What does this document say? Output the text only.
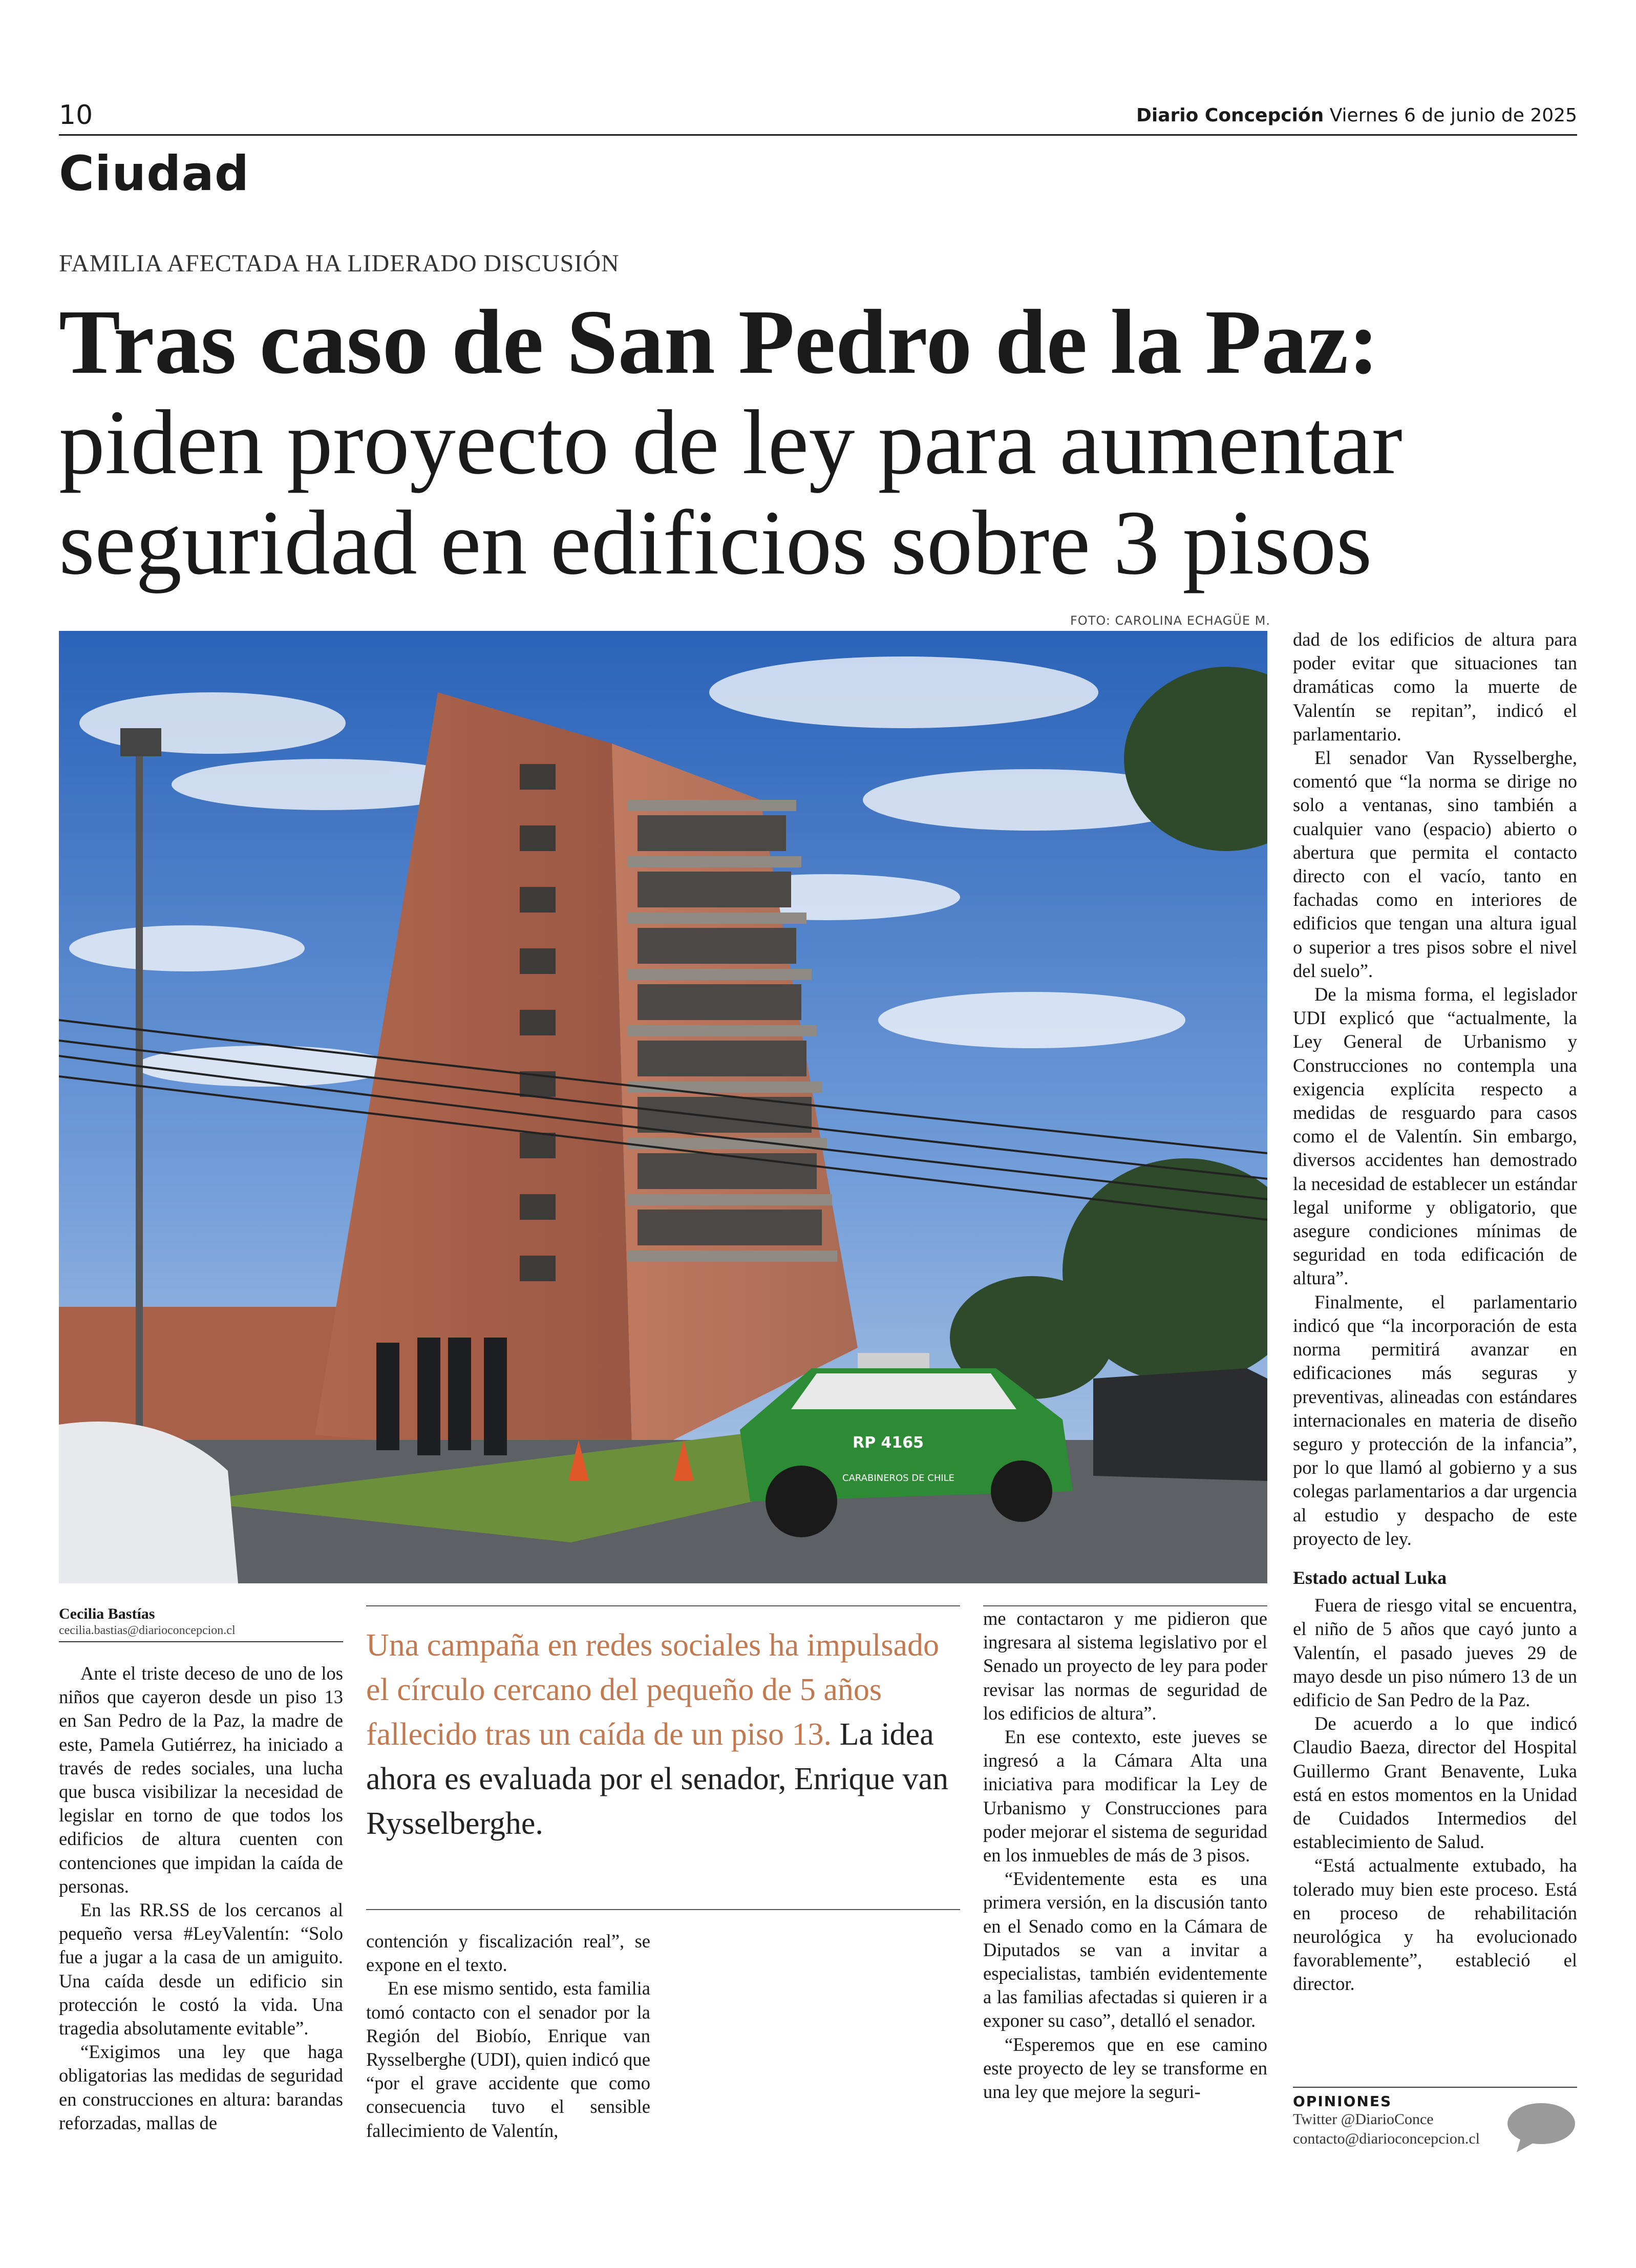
10	Diario Concepción Viernes 6 de junio de 2025
Ciudad
FAMILIA AFECTADA HA LIDERADO DISCUSIÓN
Tras caso de San Pedro de la Paz:
piden proyecto de ley para aumentar seguridad en edificios sobre 3 pisos
FOTO: CAROLINA ECHAGÜE M.
RP 4165
CARABINEROS DE CHILE
Cecilia Bastías
cecilia.bastias@diarioconcepcion.cl

Ante el triste deceso de uno de los niños que cayeron desde un piso 13 en San Pedro de la Paz, la madre de este, Pamela Gutiérrez, ha iniciado a través de redes sociales, una lucha que busca visibilizar la necesidad de legislar en torno de que todos los edificios de altura cuenten con contenciones que impidan la caída de personas.

En las RR.SS de los cercanos al pequeño versa #LeyValentín: “Solo fue a jugar a la casa de un amiguito. Una caída desde un edificio sin protección le costó la vida. Una tragedia absolutamente evitable”.

“Exigimos una ley que haga obligatorias las medidas de seguridad en construcciones en altura: barandas reforzadas, mallas de

Una campaña en redes sociales ha impulsado el círculo cercano del pequeño de 5 años fallecido tras un caída de un piso 13. La idea ahora es evaluada por el senador, Enrique van Rysselberghe.

contención y fiscalización real”, se expone en el texto.

En ese mismo sentido, esta familia tomó contacto con el senador por la Región del Biobío, Enrique van Rysselberghe (UDI), quien indicó que “por el grave accidente que como consecuencia tuvo el sensible fallecimiento de Valentín,

me contactaron y me pidieron que ingresara al sistema legislativo por el Senado un proyecto de ley para poder revisar las normas de seguridad de los edificios de altura”.

En ese contexto, este jueves se ingresó a la Cámara Alta una iniciativa para modificar la Ley de Urbanismo y Construcciones para poder mejorar el sistema de seguridad en los inmuebles de más de 3 pisos.

“Evidentemente esta es una primera versión, en la discusión tanto en el Senado como en la Cámara de Diputados se van a invitar a especialistas, también evidentemente a las familias afectadas si quieren ir a exponer su caso”, detalló el senador.

“Esperemos que en ese camino este proyecto de ley se transforme en una ley que mejore la seguri-

dad de los edificios de altura para poder evitar que situaciones tan dramáticas como la muerte de Valentín se repitan”, indicó el parlamentario.

El senador Van Rysselberghe, comentó que “la norma se dirige no solo a ventanas, sino también a cualquier vano (espacio) abierto o abertura que permita el contacto directo con el vacío, tanto en fachadas como en interiores de edificios que tengan una altura igual o superior a tres pisos sobre el nivel del suelo”.

De la misma forma, el legislador UDI explicó que “actualmente, la Ley General de Urbanismo y Construcciones no contempla una exigencia explícita respecto a medidas de resguardo para casos como el de Valentín. Sin embargo, diversos accidentes han demostrado la necesidad de establecer un estándar legal uniforme y obligatorio, que asegure condiciones mínimas de seguridad en toda edificación de altura”.

Finalmente, el parlamentario indicó que “la incorporación de esta norma permitirá avanzar en edificaciones más seguras y preventivas, alineadas con estándares internacionales en materia de diseño seguro y protección de la infancia”, por lo que llamó al gobierno y a sus colegas parlamentarios a dar urgencia al estudio y despacho de este proyecto de ley.

Estado actual Luka

Fuera de riesgo vital se encuentra, el niño de 5 años que cayó junto a Valentín, el pasado jueves 29 de mayo desde un piso número 13 de un edificio de San Pedro de la Paz.

De acuerdo a lo que indicó Claudio Baeza, director del Hospital Guillermo Grant Benavente, Luka está en estos momentos en la Unidad de Cuidados Intermedios del establecimiento de Salud.

“Está actualmente extubado, ha tolerado muy bien este proceso. Está en proceso de rehabilitación neurológica y ha evolucionado favorablemente”, estableció el director.

OPINIONES
Twitter @DiarioConce
contacto@diarioconcepcion.cl
